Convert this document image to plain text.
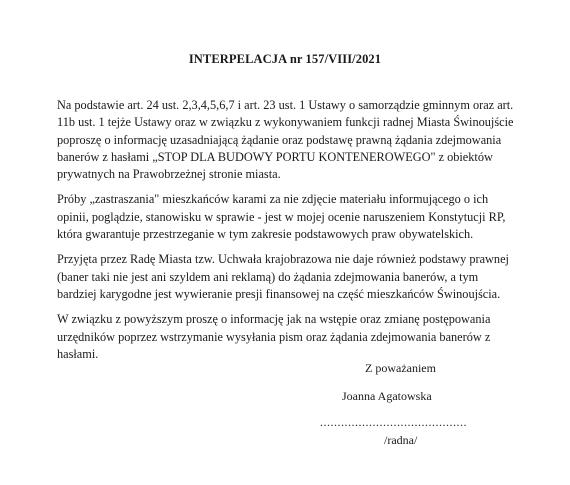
INTERPELACJA nr 157/VIII/2021

Na podstawie art. 24 ust. 2,3,4,5,6,7 i art. 23 ust. 1 Ustawy o samorządzie gminnym oraz art. 11b ust. 1 tejże Ustawy oraz w związku z wykonywaniem funkcji radnej Miasta Świnoujście poproszę o informację uzasadniającą żądanie oraz podstawę prawną żądania zdejmowania banerów z hasłami „STOP DLA BUDOWY PORTU KONTENEROWEGO" z obiektów prywatnych na Prawobrzeżnej stronie miasta.

Próby „zastraszania" mieszkańców karami za nie zdjęcie materiału informującego o ich opinii, poglądzie, stanowisku w sprawie - jest w mojej ocenie naruszeniem Konstytucji RP, która gwarantuje przestrzeganie w tym zakresie podstawowych praw obywatelskich.

Przyjęta przez Radę Miasta tzw. Uchwała krajobrazowa nie daje również podstawy prawnej (baner taki nie jest ani szyldem ani reklamą) do żądania zdejmowania banerów, a tym bardziej karygodne jest wywieranie presji finansowej na część mieszkańców Świnoujścia.

W związku z powyższym proszę o informację jak na wstępie oraz zmianę postępowania urzędników poprzez wstrzymanie wysyłania pism oraz żądania zdejmowania banerów z hasłami.

Z poważaniem
Joanna Agatowska
..........................................
/radna/
